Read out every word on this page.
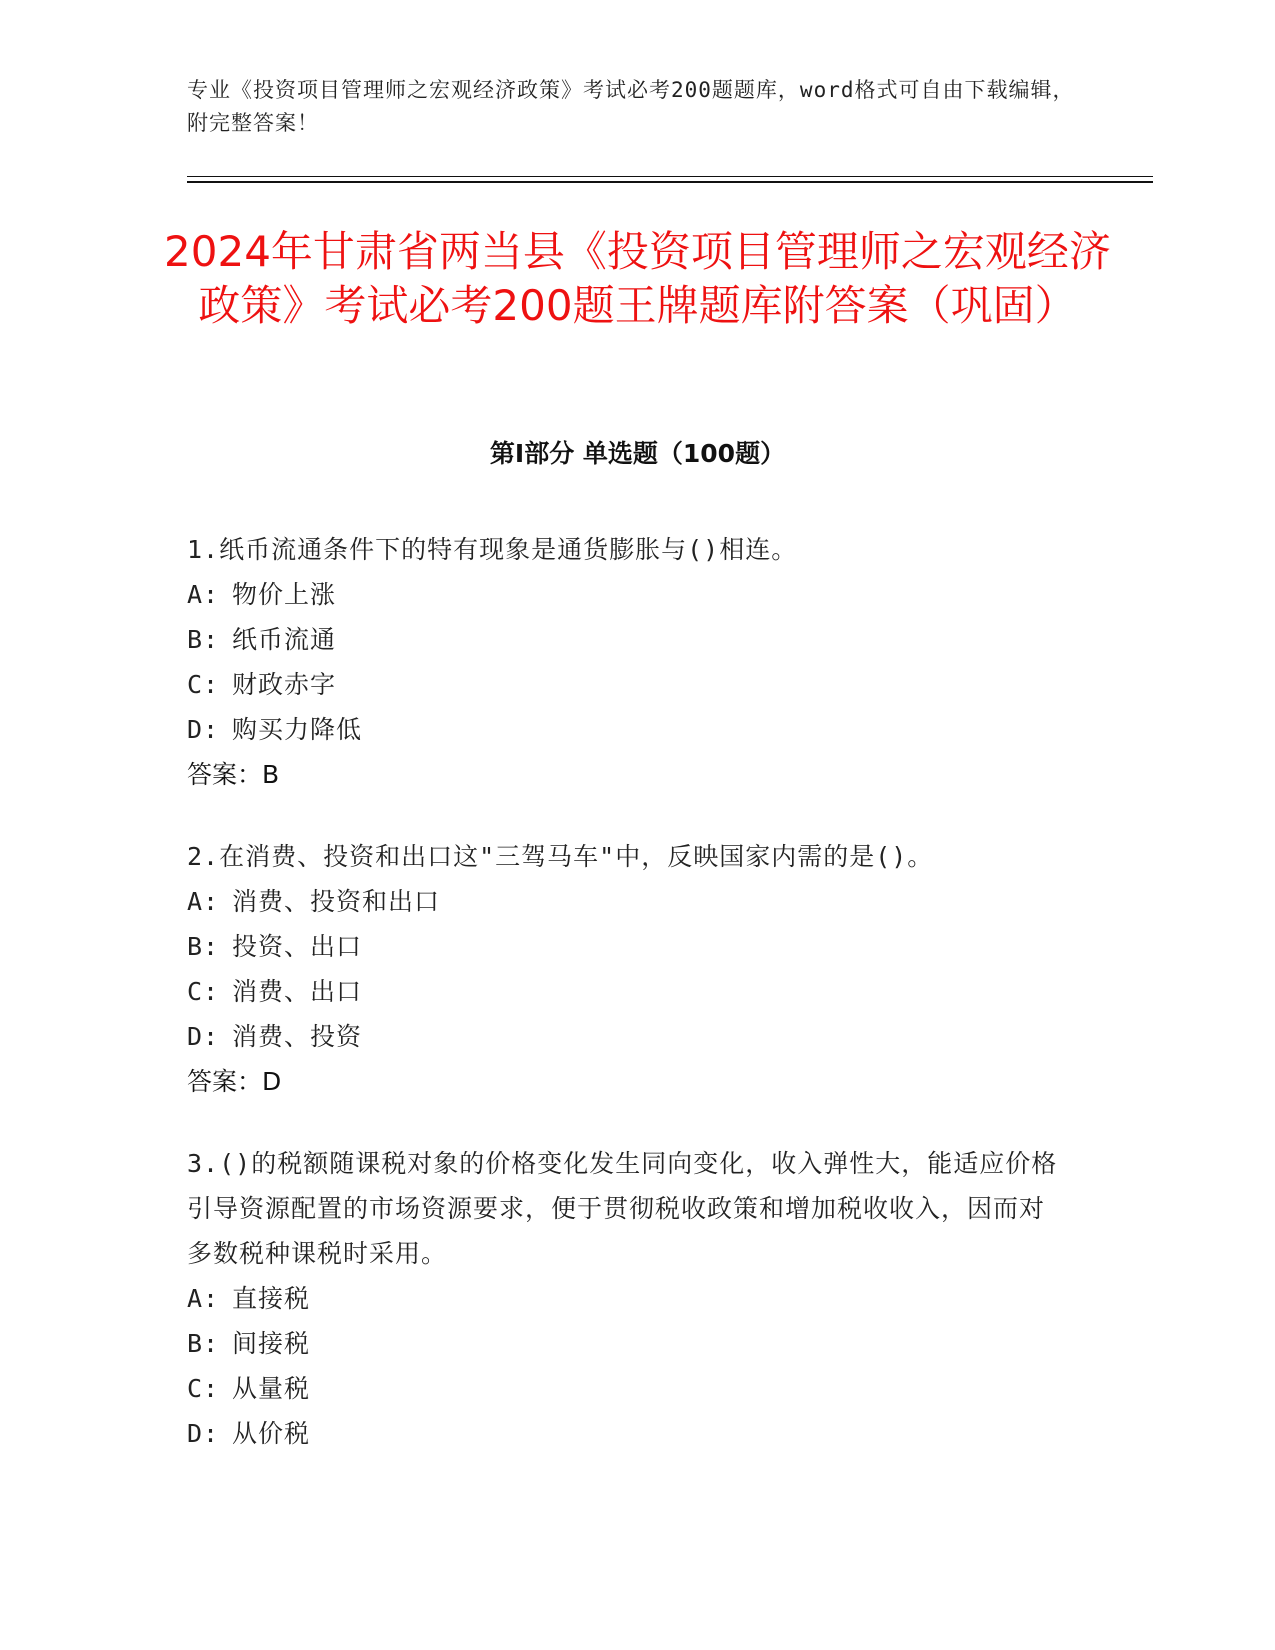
专业《投资项目管理师之宏观经济政策》考试必考200题题库，word格式可自由下载编辑，附完整答案！
2024年甘肃省两当县《投资项目管理师之宏观经济政策》考试必考200题王牌题库附答案（巩固）
第Ⅰ部分 单选题（100题）
1.纸币流通条件下的特有现象是通货膨胀与()相连。
A: 物价上涨
B: 纸币流通
C: 财政赤字
D: 购买力降低
答案：B
2.在消费、投资和出口这"三驾马车"中，反映国家内需的是()。
A: 消费、投资和出口
B: 投资、出口
C: 消费、出口
D: 消费、投资
答案：D
3.()的税额随课税对象的价格变化发生同向变化，收入弹性大，能适应价格引导资源配置的市场资源要求，便于贯彻税收政策和增加税收收入，因而对多数税种课税时采用。
A: 直接税
B: 间接税
C: 从量税
D: 从价税
